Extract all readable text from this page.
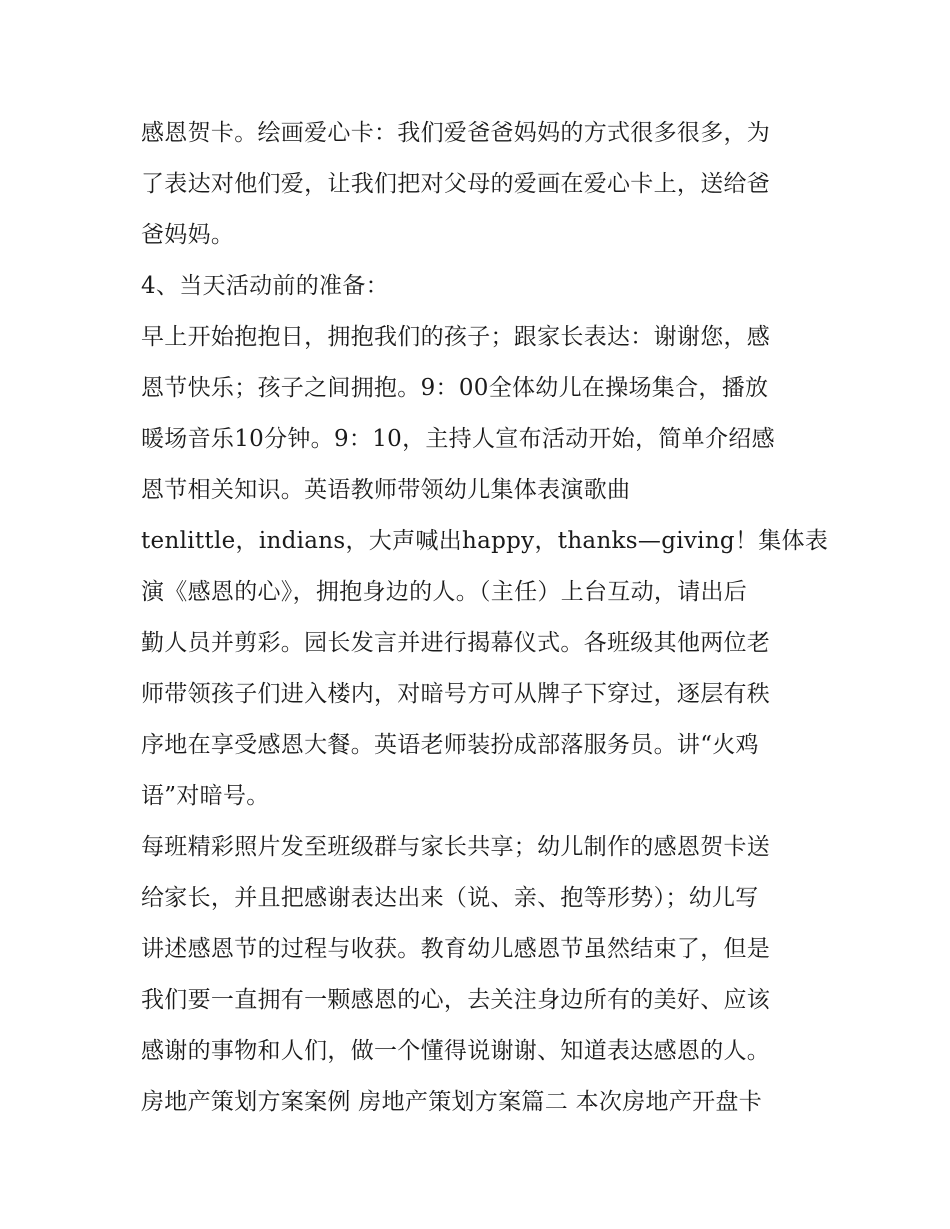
感恩贺卡。绘画爱心卡：我们爱爸爸妈妈的方式很多很多，为
了表达对他们爱，让我们把对父母的爱画在爱心卡上，送给爸
爸妈妈。
4、当天活动前的准备：
早上开始抱抱日，拥抱我们的孩子；跟家长表达：谢谢您，感
恩节快乐；孩子之间拥抱。9：00全体幼儿在操场集合，播放
暖场音乐10分钟。9：10，主持人宣布活动开始，简单介绍感
恩节相关知识。英语教师带领幼儿集体表演歌曲
tenlittle，indians，大声喊出happy，thanks—giving！集体表
演《感恩的心》，拥抱身边的人。（主任）上台互动，请出后
勤人员并剪彩。园长发言并进行揭幕仪式。各班级其他两位老
师带领孩子们进入楼内，对暗号方可从牌子下穿过，逐层有秩
序地在享受感恩大餐。英语老师装扮成部落服务员。讲“火鸡
语”对暗号。
每班精彩照片发至班级群与家长共享；幼儿制作的感恩贺卡送
给家长，并且把感谢表达出来（说、亲、抱等形势）；幼儿写
讲述感恩节的过程与收获。教育幼儿感恩节虽然结束了，但是
我们要一直拥有一颗感恩的心，去关注身边所有的美好、应该
感谢的事物和人们，做一个懂得说谢谢、知道表达感恩的人。
房地产策划方案案例 房地产策划方案篇二 本次房地产开盘卡
